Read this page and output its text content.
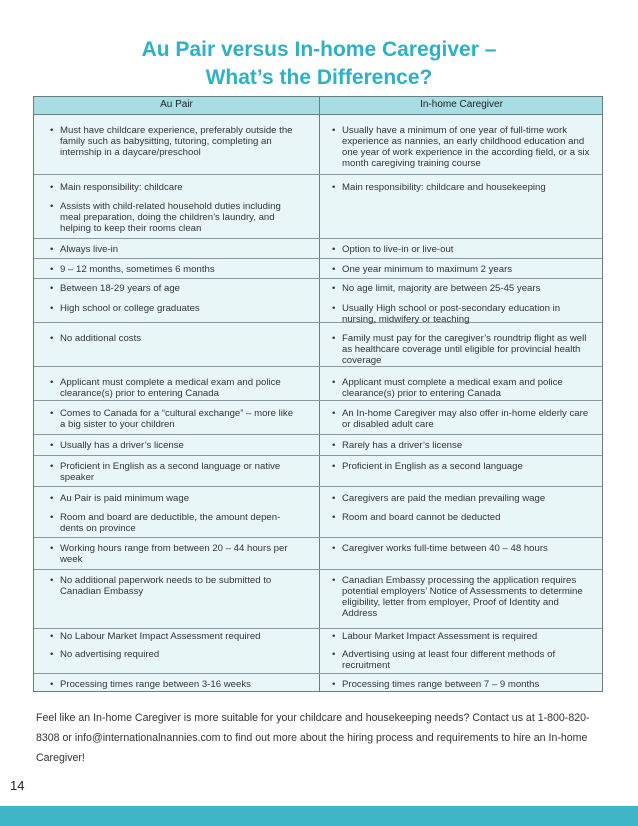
Au Pair versus In-home Caregiver –
What’s the Difference?
Au Pair	In-home Caregiver
• Must have childcare experience, preferably outside the family such as babysitting, tutoring, completing an internship in a daycare/preschool
• Main responsibility: childcare
• Assists with child-related household duties including meal preparation, doing the children’s laundry, and helping to keep their rooms clean
• Always live-in
• 9 – 12 months, sometimes 6 months
• Between 18-29 years of age
• High school or college graduates
• No additional costs
• Applicant must complete a medical exam and police clearance(s) prior to entering Canada
• Comes to Canada for a “cultural exchange” – more like a big sister to your children
• Usually has a driver’s license
• Proficient in English as a second language or native speaker
• Au Pair is paid minimum wage
• Room and board are deductible, the amount depen- dents on province
• Working hours range from between 20 – 44 hours per week
• No additional paperwork needs to be submitted to Canadian Embassy
• No Labour Market Impact Assessment required
• No advertising required
• Processing times range between 3-16 weeks
• Usually have a minimum of one year of full-time work experience as nannies, an early childhood education and one year of work experience in the according field, or a six month caregiving training course
• Main responsibility: childcare and housekeeping
• Option to live-in or live-out
• One year minimum to maximum 2 years
• No age limit, majority are between 25-45 years
• Usually High school or post-secondary education in nursing, midwifery or teaching
• Family must pay for the caregiver’s roundtrip flight as well as healthcare coverage until eligible for provincial health coverage
• Applicant must complete a medical exam and police clearance(s) prior to entering Canada
• An In-home Caregiver may also offer in-home elderly care or disabled adult care
• Rarely has a driver’s license
• Proficient in English as a second language
• Caregivers are paid the median prevailing wage
• Room and board cannot be deducted
• Caregiver works full-time between 40 – 48 hours
• Canadian Embassy processing the application requires potential employers’ Notice of Assessments to determine eligibility, letter from employer, Proof of Identity and Address
• Labour Market Impact Assessment is required
• Advertising using at least four different methods of recruitment
• Processing times range between 7 – 9 months
Feel like an In-home Caregiver is more suitable for your childcare and housekeeping needs? Contact us at 1-800-820-8308 or info@internationalnannies.com to find out more about the hiring process and requirements to hire an In-home Caregiver!
14
